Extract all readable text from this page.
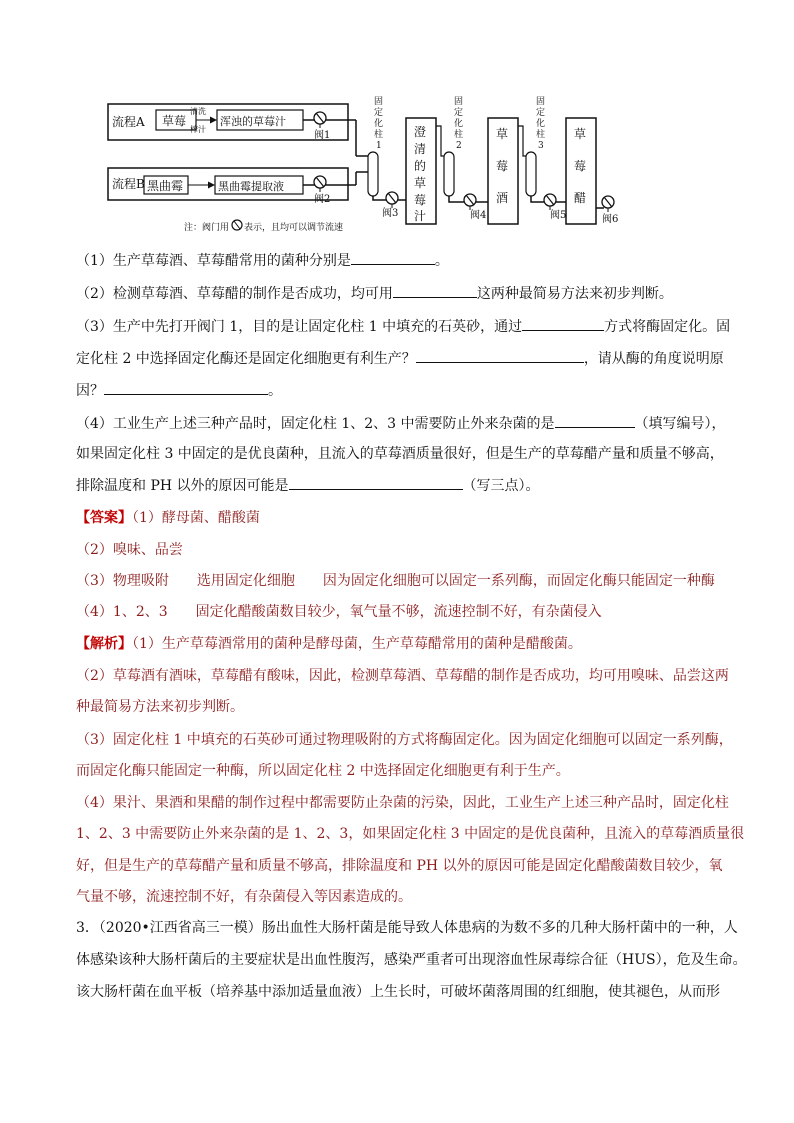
流程A 草莓
清洗
榨汁
浑浊的草莓汁
阀1
流程B 黑曲霉	黑曲霉提取液
阀2
固
定
化
柱
1
阀3
澄
清
的
草
莓
汁
固
定
化
柱
2
阀4
草
莓
酒
固
定
化
柱
3
阀5
草
莓
醋
阀6
注：阀门用 表示，且均可以调节流速
（1）生产草莓酒、草莓醋常用的菌种分别是	。
（2）检测草莓酒、草莓醋的制作是否成功，均可用	这两种最简易方法来初步判断。
（3）生产中先打开阀门 1，目的是让固定化柱 1 中填充的石英砂，通过	方式将酶固定化。固
定化柱 2 中选择固定化酶还是固定化细胞更有利生产？	，请从酶的角度说明原
因？	。
（4）工业生产上述三种产品时，固定化柱 1、2、3 中需要防止外来杂菌的是	（填写编号），
如果固定化柱 3 中固定的是优良菌种，且流入的草莓酒质量很好，但是生产的草莓醋产量和质量不够高，
排除温度和 PH 以外的原因可能是	（写三点）。
【答案】（1）酵母菌、醋酸菌
（2）嗅味、品尝
（3）物理吸附　　选用固定化细胞　　因为固定化细胞可以固定一系列酶，而固定化酶只能固定一种酶
（4）1、2、3　　固定化醋酸菌数目较少，氧气量不够，流速控制不好，有杂菌侵入
【解析】（1）生产草莓酒常用的菌种是酵母菌，生产草莓醋常用的菌种是醋酸菌。
（2）草莓酒有酒味，草莓醋有酸味，因此，检测草莓酒、草莓醋的制作是否成功，均可用嗅味、品尝这两
种最简易方法来初步判断。
（3）固定化柱 1 中填充的石英砂可通过物理吸附的方式将酶固定化。因为固定化细胞可以固定一系列酶，
而固定化酶只能固定一种酶，所以固定化柱 2 中选择固定化细胞更有利于生产。
（4）果汁、果酒和果醋的制作过程中都需要防止杂菌的污染，因此，工业生产上述三种产品时，固定化柱
1、2、3 中需要防止外来杂菌的是 1、2、3，如果固定化柱 3 中固定的是优良菌种，且流入的草莓酒质量很
好，但是生产的草莓醋产量和质量不够高，排除温度和 PH 以外的原因可能是固定化醋酸菌数目较少，氧
气量不够，流速控制不好，有杂菌侵入等因素造成的。
3．（2020•江西省高三一模）肠出血性大肠杆菌是能导致人体患病的为数不多的几种大肠杆菌中的一种，人
体感染该种大肠杆菌后的主要症状是出血性腹泻，感染严重者可出现溶血性尿毒综合征（HUS），危及生命。
该大肠杆菌在血平板（培养基中添加适量血液）上生长时，可破坏菌落周围的红细胞，使其褪色，从而形
